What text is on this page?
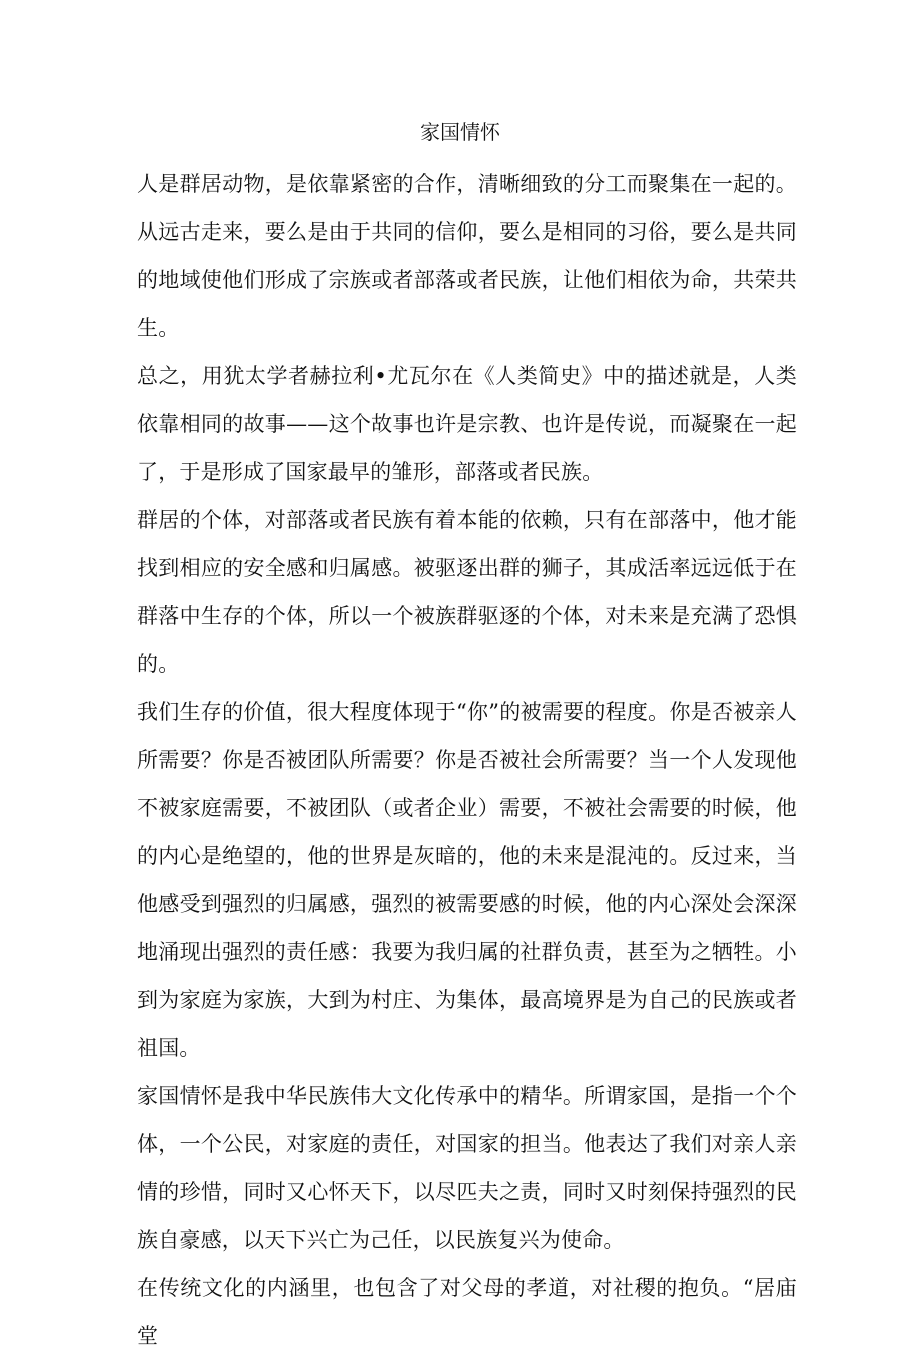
家国情怀

人是群居动物，是依靠紧密的合作，清晰细致的分工而聚集在一起的。从远古走来，要么是由于共同的信仰，要么是相同的习俗，要么是共同的地域使他们形成了宗族或者部落或者民族，让他们相依为命，共荣共生。

总之，用犹太学者赫拉利•尤瓦尔在《人类简史》中的描述就是，人类依靠相同的故事——这个故事也许是宗教、也许是传说，而凝聚在一起了，于是形成了国家最早的雏形，部落或者民族。

群居的个体，对部落或者民族有着本能的依赖，只有在部落中，他才能找到相应的安全感和归属感。被驱逐出群的狮子，其成活率远远低于在群落中生存的个体，所以一个被族群驱逐的个体，对未来是充满了恐惧的。

我们生存的价值，很大程度体现于“你”的被需要的程度。你是否被亲人所需要？你是否被团队所需要？你是否被社会所需要？当一个人发现他不被家庭需要，不被团队（或者企业）需要，不被社会需要的时候，他的内心是绝望的，他的世界是灰暗的，他的未来是混沌的。反过来，当他感受到强烈的归属感，强烈的被需要感的时候，他的内心深处会深深地涌现出强烈的责任感：我要为我归属的社群负责，甚至为之牺牲。小到为家庭为家族，大到为村庄、为集体，最高境界是为自己的民族或者祖国。

家国情怀是我中华民族伟大文化传承中的精华。所谓家国，是指一个个体，一个公民，对家庭的责任，对国家的担当。他表达了我们对亲人亲情的珍惜，同时又心怀天下，以尽匹夫之责，同时又时刻保持强烈的民族自豪感，以天下兴亡为己任，以民族复兴为使命。

在传统文化的内涵里，也包含了对父母的孝道，对社稷的抱负。“居庙堂
